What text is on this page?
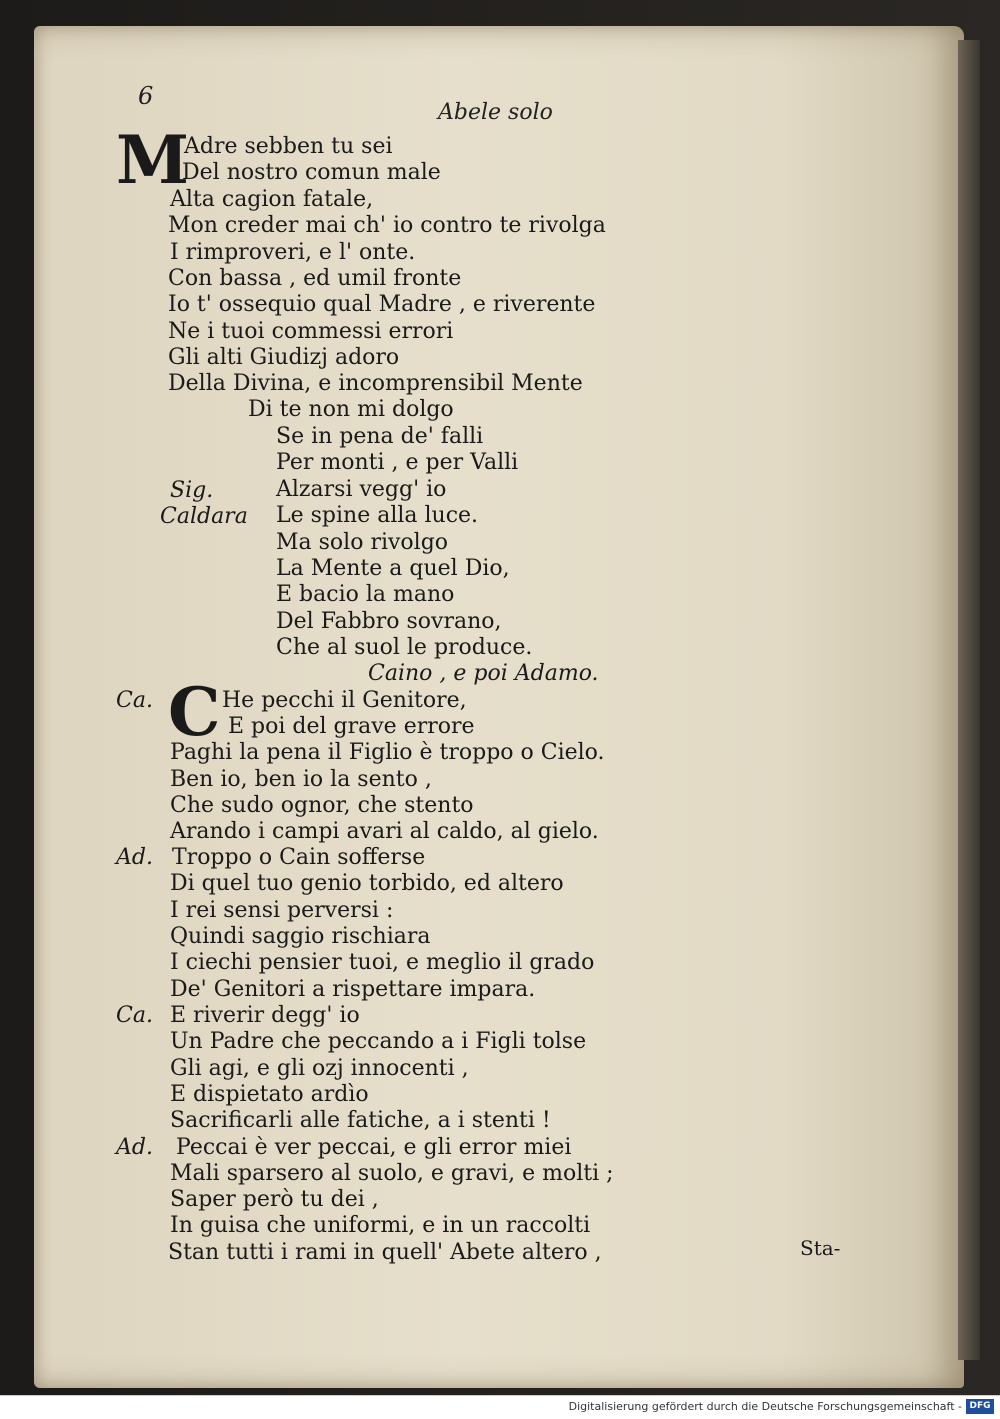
6
Abele solo
M
C
Sig.
Caldara
Ca.
Ad.
Ca.
Ad.
Adre sebben tu sei
Del nostro comun male
Alta cagion fatale,
Mon creder mai ch' io contro te rivolga
I rimproveri, e l' onte.
Con bassa , ed umil fronte
Io t' ossequio qual Madre , e riverente
Ne i tuoi commessi errori
Gli alti Giudizj adoro
Della Divina, e incomprensibil Mente
Di te non mi dolgo
Se in pena de' falli
Per monti , e per Valli
Alzarsi vegg' io
Le spine alla luce.
Ma solo rivolgo
La Mente a quel Dio,
E bacio la mano
Del Fabbro sovrano,
Che al suol le produce.
Caino , e poi Adamo.
He pecchi il Genitore,
E poi del grave errore
Paghi la pena il Figlio è troppo o Cielo.
Ben io, ben io la sento ,
Che sudo ognor, che stento
Arando i campi avari al caldo, al gielo.
Troppo o Cain sofferse
Di quel tuo genio torbido, ed altero
I rei sensi perversi :
Quindi saggio rischiara
I ciechi pensier tuoi, e meglio il grado
De' Genitori a rispettare impara.
E riverir degg' io
Un Padre che peccando a i Figli tolse
Gli agi, e gli ozj innocenti ,
E dispietato ardìo
Sacrificarli alle fatiche, a i stenti !
Peccai è ver peccai, e gli error miei
Mali sparsero al suolo, e gravi, e molti ;
Saper però tu dei ,
In guisa che uniformi, e in un raccolti
Stan tutti i rami in quell' Abete altero ,	Sta-
Digitalisierung gefördert durch die Deutsche Forschungsgemeinschaft - DFG
